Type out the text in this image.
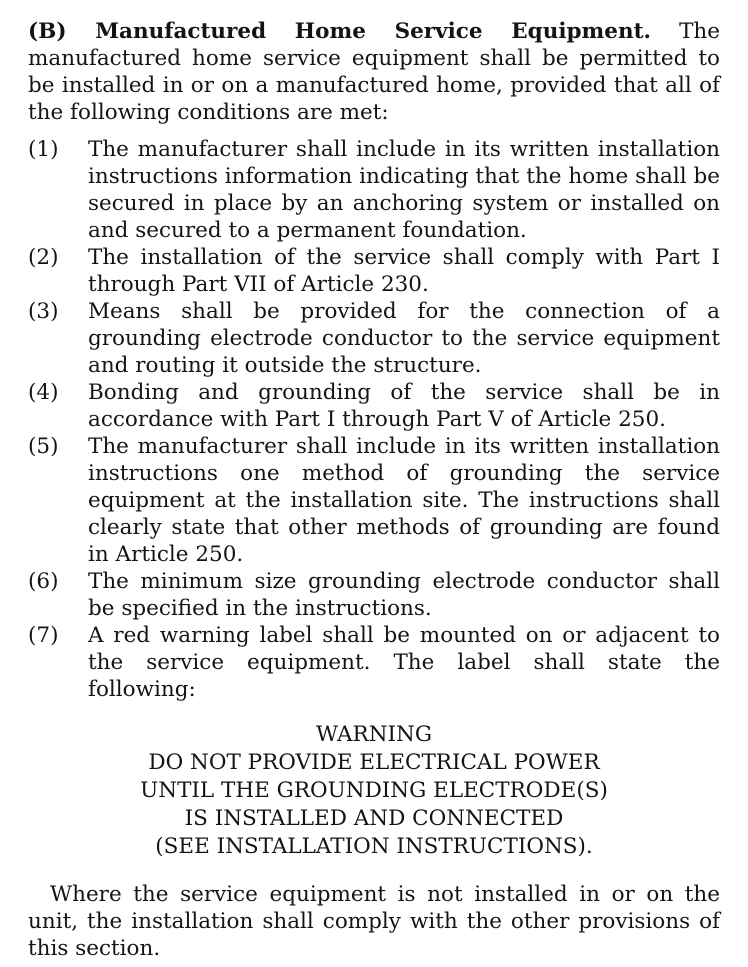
(B) Manufactured Home Service Equipment. The manufactured home service equipment shall be permitted to be installed in or on a manufactured home, provided that all of the following conditions are met:

(1)	The manufacturer shall include in its written installation instructions information indicating that the home shall be secured in place by an anchoring system or installed on and secured to a permanent foundation.
(2)	The installation of the service shall comply with Part I through Part VII of Article 230.
(3)	Means shall be provided for the connection of a grounding electrode conductor to the service equipment and routing it outside the structure.
(4)	Bonding and grounding of the service shall be in accordance with Part I through Part V of Article 250.
(5)	The manufacturer shall include in its written installation instructions one method of grounding the service equipment at the installation site. The instructions shall clearly state that other methods of grounding are found in Article 250.
(6)	The minimum size grounding electrode conductor shall be specified in the instructions.
(7)	A red warning label shall be mounted on or adjacent to the service equipment. The label shall state the following:
WARNING
DO NOT PROVIDE ELECTRICAL POWER
UNTIL THE GROUNDING ELECTRODE(S)
IS INSTALLED AND CONNECTED
(SEE INSTALLATION INSTRUCTIONS).

Where the service equipment is not installed in or on the unit, the installation shall comply with the other provisions of this section.
